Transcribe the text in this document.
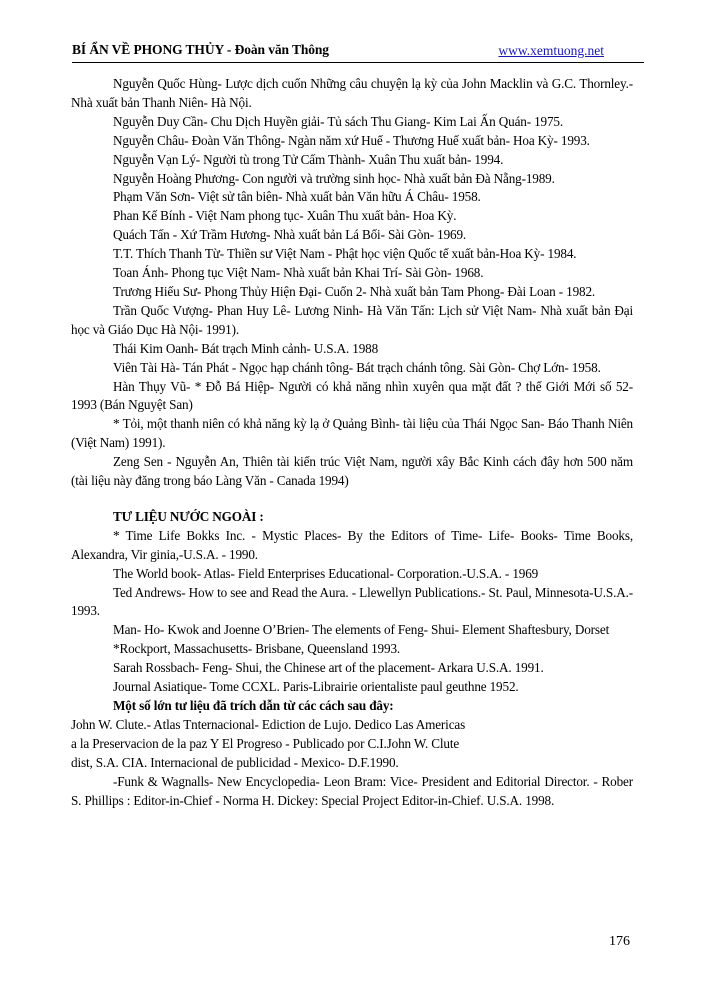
BÍ ẨN VỀ PHONG THỦY - Đoàn văn Thông	www.xemtuong.net

Nguyễn Quốc Hùng- Lược dịch cuốn Những câu chuyện lạ kỳ của John Macklin và G.C. Thornley.- Nhà xuất bản Thanh Niên- Hà Nội.

Nguyễn Duy Cần- Chu Dịch Huyền giải- Tủ sách Thu Giang- Kim Lai Ấn Quán- 1975.

Nguyễn Châu- Đoàn Văn Thông- Ngàn năm xứ Huế - Thương Huế xuất bản- Hoa Kỳ- 1993.

Nguyễn Vạn Lý- Người tù trong Tử Cấm Thành- Xuân Thu xuất bản- 1994.

Nguyễn Hoàng Phương- Con người và trường sinh học- Nhà xuất bản Đà Nẵng-1989.

Phạm Văn Sơn- Việt sử tân biên- Nhà xuất bản Văn hữu Á Châu- 1958.

Phan Kế Bính - Việt Nam phong tục- Xuân Thu xuất bản- Hoa Kỳ.

Quách Tấn - Xứ Trầm Hương- Nhà xuất bản Lá Bối- Sài Gòn- 1969.

T.T. Thích Thanh Từ- Thiền sư Việt Nam - Phật học viện Quốc tế xuất bản-Hoa Kỳ- 1984.

Toan Ánh- Phong tục Việt Nam- Nhà xuất bản Khai Trí- Sài Gòn- 1968.

Trương Hiếu Sư- Phong Thủy Hiện Đại- Cuốn 2- Nhà xuất bản Tam Phong- Đài Loan - 1982.

Trần Quốc Vượng- Phan Huy Lê- Lương Ninh- Hà Văn Tấn: Lịch sử Việt Nam- Nhà xuất bản Đại học và Giáo Dục Hà Nội- 1991).

Thái Kim Oanh- Bát trạch Minh cảnh- U.S.A. 1988

Viên Tài Hà- Tán Phát - Ngọc hạp chánh tông- Bát trạch chánh tông. Sài Gòn- Chợ Lớn- 1958.

Hàn Thụy Vũ- * Đỗ Bá Hiệp- Người có khả năng nhìn xuyên qua mặt đất ? thế Giới Mới số 52- 1993 (Bán Nguyệt San)

* Tỏi, một thanh niên có khả năng kỳ lạ ở Quảng Bình- tài liệu của Thái Ngọc San- Báo Thanh Niên (Việt Nam) 1991).

Zeng Sen - Nguyễn An, Thiên tài kiến trúc Việt Nam, người xây Bắc Kinh cách đây hơn 500 năm (tài liệu này đăng trong báo Làng Văn - Canada 1994)

TƯ LIỆU NƯỚC NGOÀI :

* Time Life Bokks Inc. - Mystic Places- By the Editors of Time- Life- Books- Time Books, Alexandra, Vir ginia,-U.S.A. - 1990.

The World book- Atlas- Field Enterprises Educational- Corporation.-U.S.A. - 1969

Ted Andrews- How to see and Read the Aura. - Llewellyn Publications.- St. Paul, Minnesota-U.S.A.- 1993.

Man- Ho- Kwok and Joenne O’Brien- The elements of Feng- Shui- Element Shaftesbury, Dorset

*Rockport, Massachusetts- Brisbane, Queensland 1993.

Sarah Rossbach- Feng- Shui, the Chinese art of the placement- Arkara U.S.A. 1991.

Journal Asiatique- Tome CCXL. Paris-Librairie orientaliste paul geuthne 1952.

Một số lớn tư liệu đã trích dẫn từ các cách sau đây:

John W. Clute.- Atlas Tnternacional- Ediction de Lujo. Dedico Las Americas

a la Preservacion de la paz Y El Progreso - Publicado por C.I.John W. Clute

dist, S.A. CIA. Internacional de publicidad - Mexico- D.F.1990.

-Funk & Wagnalls- New Encyclopedia- Leon Bram: Vice- President and Editorial Director. - Rober S. Phillips : Editor-in-Chief - Norma H. Dickey: Special Project Editor-in-Chief. U.S.A. 1998.

176
